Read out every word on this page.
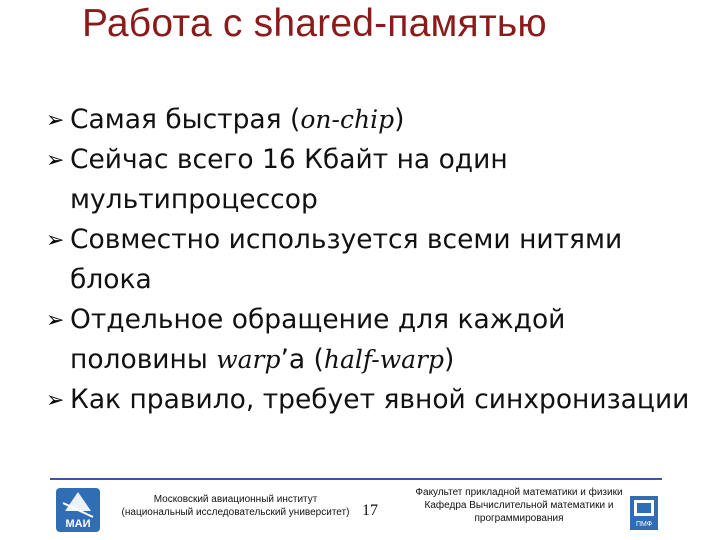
Работа с shared-памятью
➢ Самая быстрая (on-chip)
➢ Сейчас всего 16 Кбайт на один мультипроцессор
➢ Совместно используется всеми нитями блока
➢ Отдельное обращение для каждой половины warp’а (half-warp)
➢ Как правило, требует явной синхронизации
МАИ
Московский авиационный институт
(национальный исследовательский университет) 17
Факультет прикладной математики и физики
Кафедра Вычислительной математики и
программирования
ПМФ
